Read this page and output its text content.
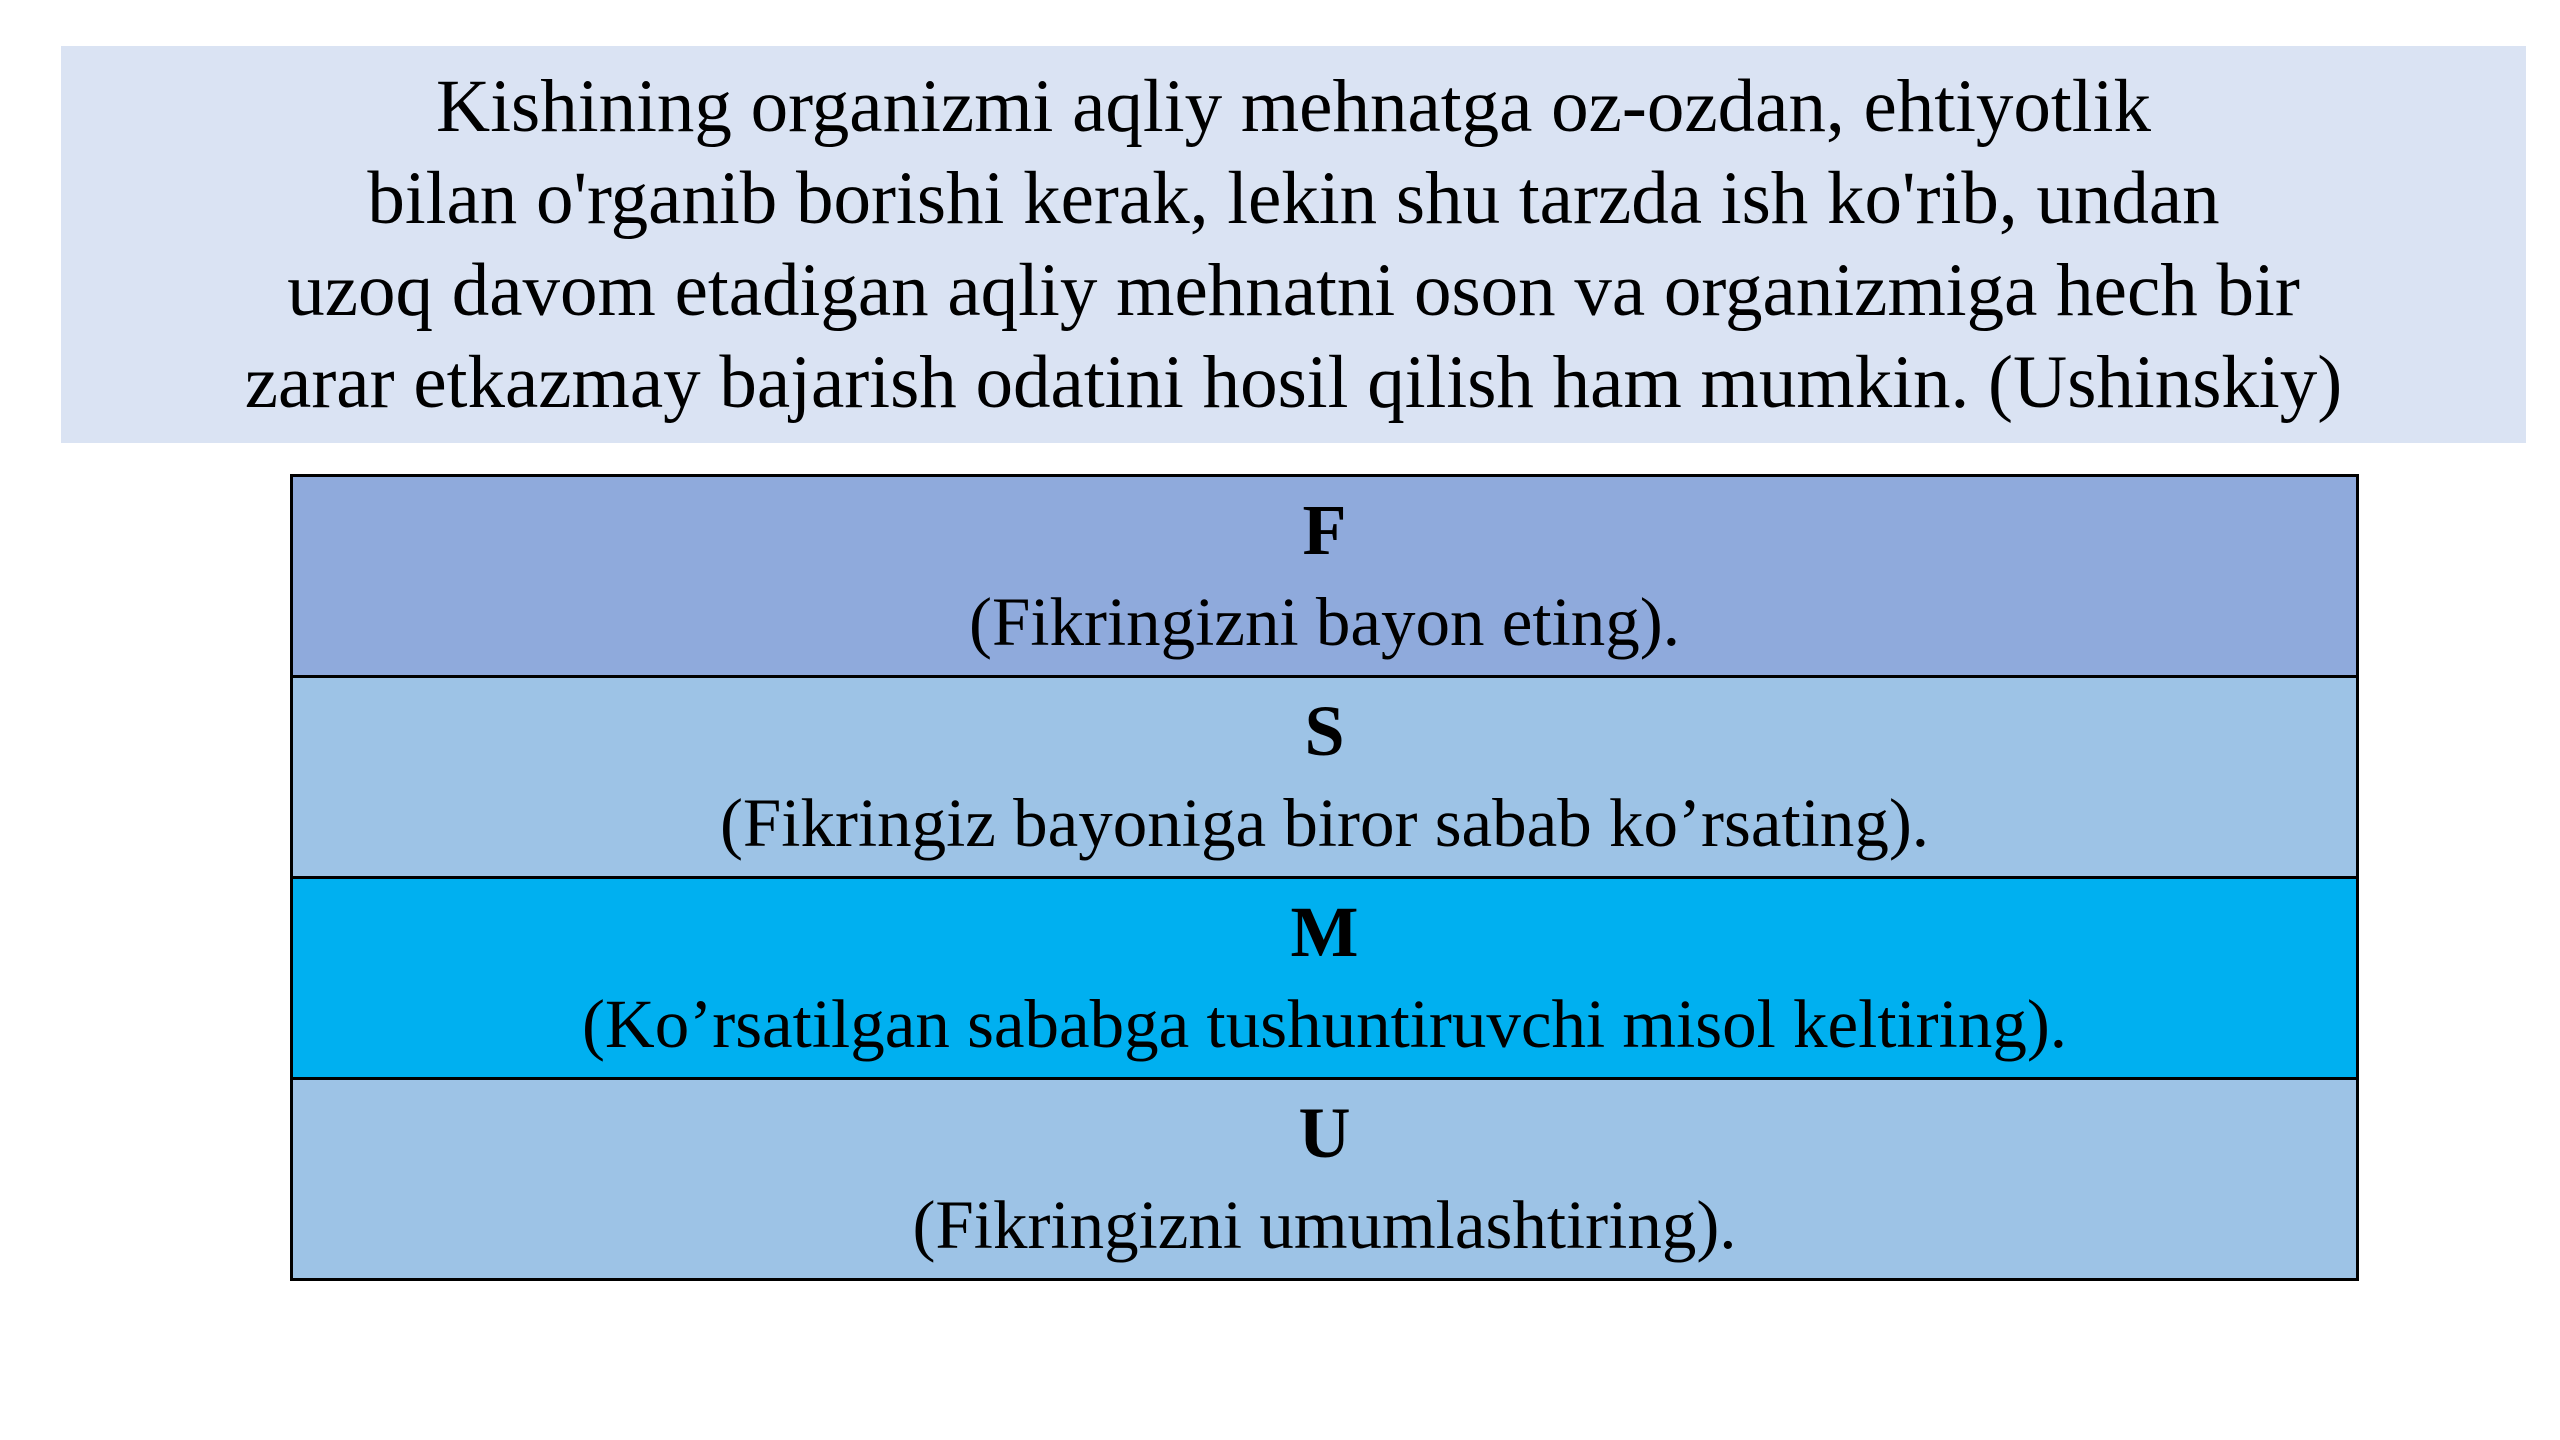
Kishining organizmi aqliy mehnatga oz-ozdan, ehtiyotlik
bilan o'rganib borishi kerak, lekin shu tarzda ish ko'rib, undan
uzoq davom etadigan aqliy mehnatni oson va organizmiga hech bir
zarar etkazmay bajarish odatini hosil qilish ham mumkin. (Ushinskiy)
F
(Fikringizni bayon eting).
S
(Fikringiz bayoniga biror sabab ko’rsating).
M
(Ko’rsatilgan sababga tushuntiruvchi misol keltiring).
U
(Fikringizni umumlashtiring).
